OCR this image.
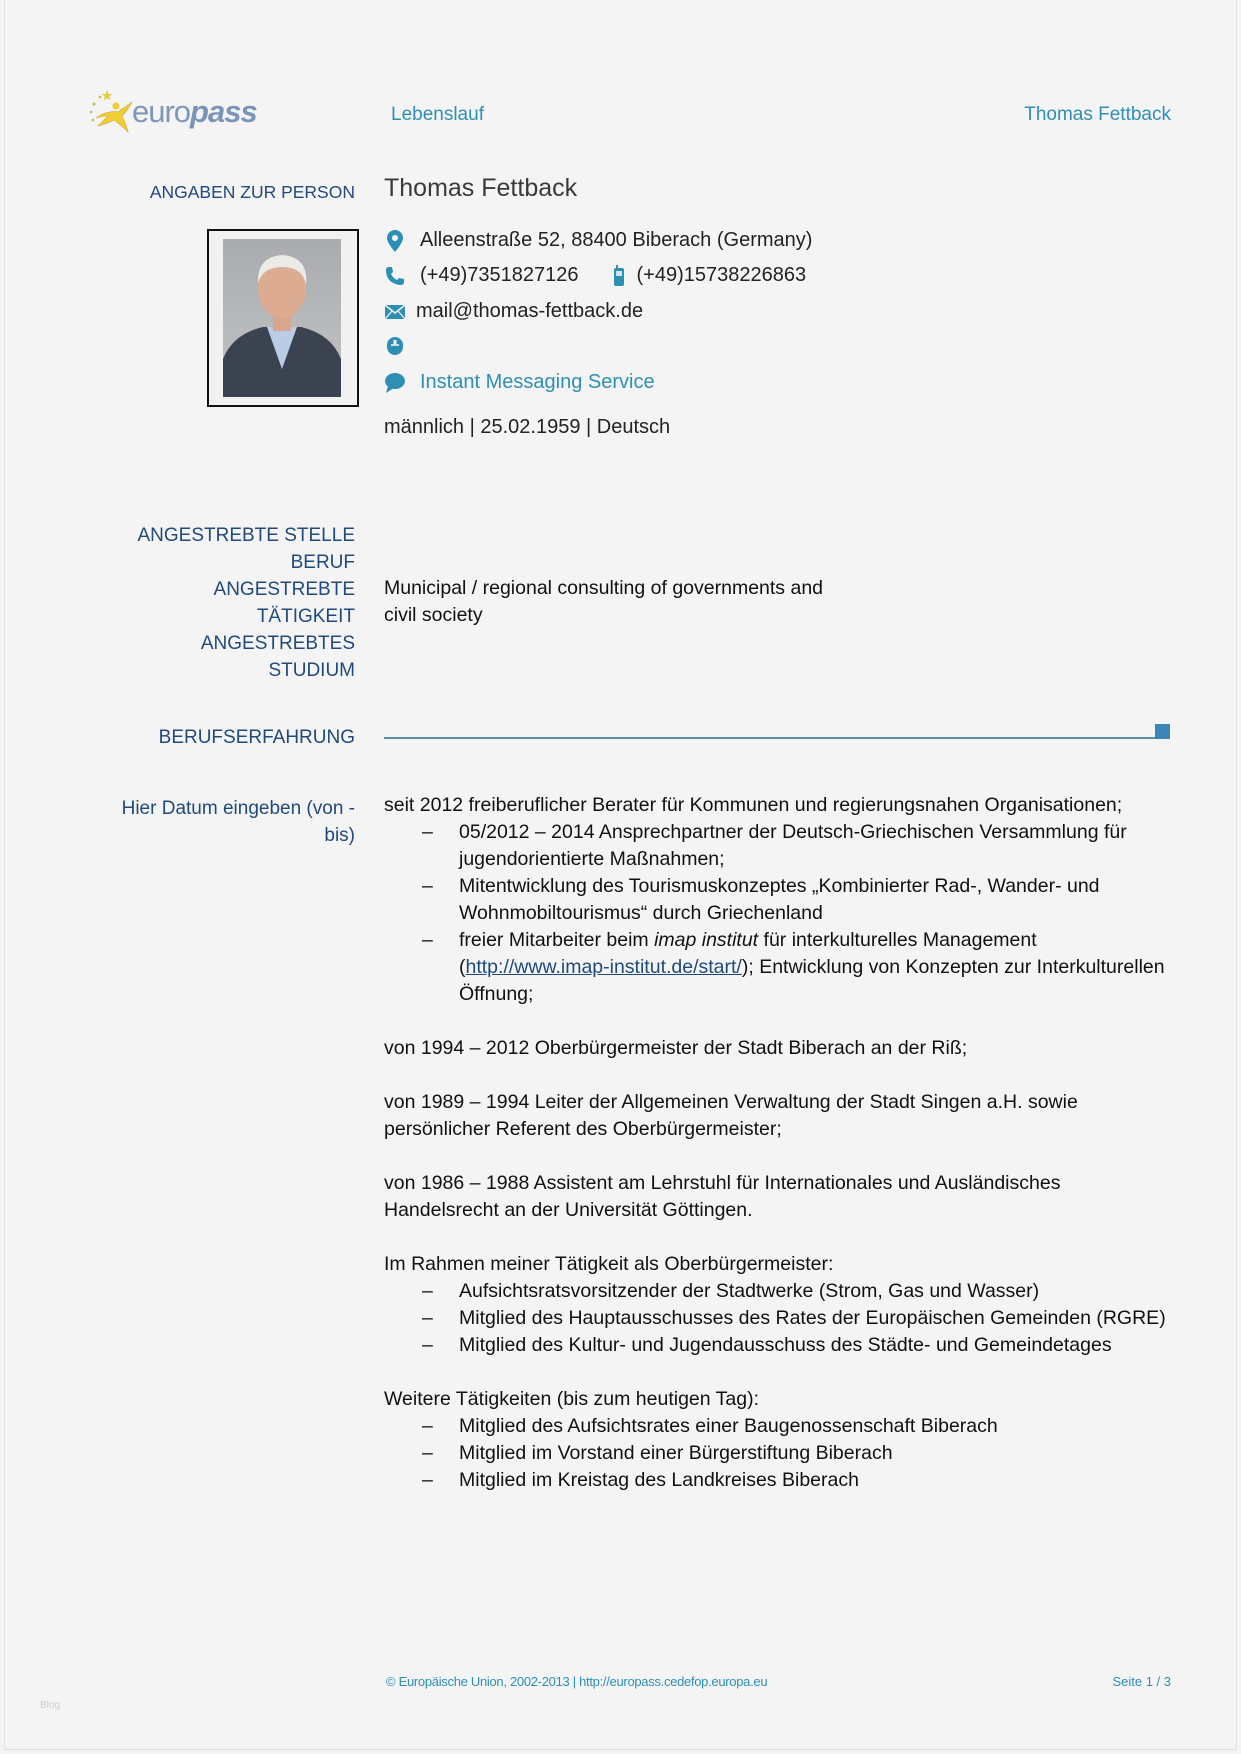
europass	Lebenslauf	Thomas Fettback
ANGABEN ZUR PERSON Thomas Fettback
Alleenstraße 52, 88400 Biberach (Germany)
(+49)7351827126	(+49)15738226863
mail@thomas-fettback.de
Instant Messaging Service
männlich | 25.02.1959 | Deutsch
ANGESTREBTE STELLE
BERUF
ANGESTREBTE
TÄTIGKEIT
ANGESTREBTES
STUDIUM
Municipal / regional consulting of governments and
civil society
BERUFSERFAHRUNG
Hier Datum eingeben (von -
bis)
seit 2012 freiberuflicher Berater für Kommunen und regierungsnahen Organisationen;
– 05/2012 – 2014 Ansprechpartner der Deutsch-Griechischen Versammlung für jugendorientierte Maßnahmen;
– Mitentwicklung des Tourismuskonzeptes „Kombinierter Rad-, Wander- und Wohnmobiltourismus“ durch Griechenland
– freier Mitarbeiter beim imap institut für interkulturelles Management (http://www.imap-institut.de/start/); Entwicklung von Konzepten zur Interkulturellen Öffnung;
von 1994 – 2012 Oberbürgermeister der Stadt Biberach an der Riß;
von 1989 – 1994 Leiter der Allgemeinen Verwaltung der Stadt Singen a.H. sowie persönlicher Referent des Oberbürgermeister;
von 1986 – 1988 Assistent am Lehrstuhl für Internationales und Ausländisches Handelsrecht an der Universität Göttingen.
Im Rahmen meiner Tätigkeit als Oberbürgermeister:
– Aufsichtsratsvorsitzender der Stadtwerke (Strom, Gas und Wasser)
– Mitglied des Hauptausschusses des Rates der Europäischen Gemeinden (RGRE)
– Mitglied des Kultur- und Jugendausschuss des Städte- und Gemeindetages
Weitere Tätigkeiten (bis zum heutigen Tag):
– Mitglied des Aufsichtsrates einer Baugenossenschaft Biberach
– Mitglied im Vorstand einer Bürgerstiftung Biberach
– Mitglied im Kreistag des Landkreises Biberach
© Europäische Union, 2002-2013 | http://europass.cedefop.europa.eu	Seite 1 / 3
Blog
